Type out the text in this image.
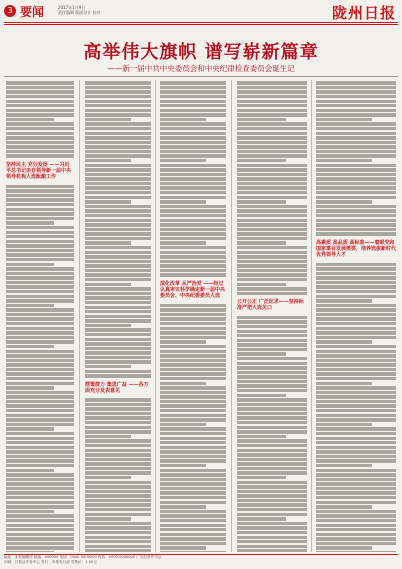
3 要闻	2017年1月9日
责任编辑 版面设计 校对	陇州日报
高举伟大旗帜 谱写崭新篇章
——新一届中共中央委员会和中央纪律检查委员会诞生记
坚持民主 充分发扬 ——习近平总书记亲自领导新一届中央领导机构人选酝酿工作
群策群力 集思广益 ——各方面充分发表意见
深化改革 从严治党 ——经过认真审议科学确定新一届中央委员会、中央纪委委员人选
公开公正 广泛征求——坚持标准严把人选关口
高素质 高品质 高标准——着眼党和国家事业发展需要，培养选拔新时代优秀领导人才
地址：本报编辑部 邮编：000000 电话：0000-0000000 传真：0000-0000000 广告经营许可证
印刷：日报社印务中心 发行：本报发行部 零售价：1.00元
